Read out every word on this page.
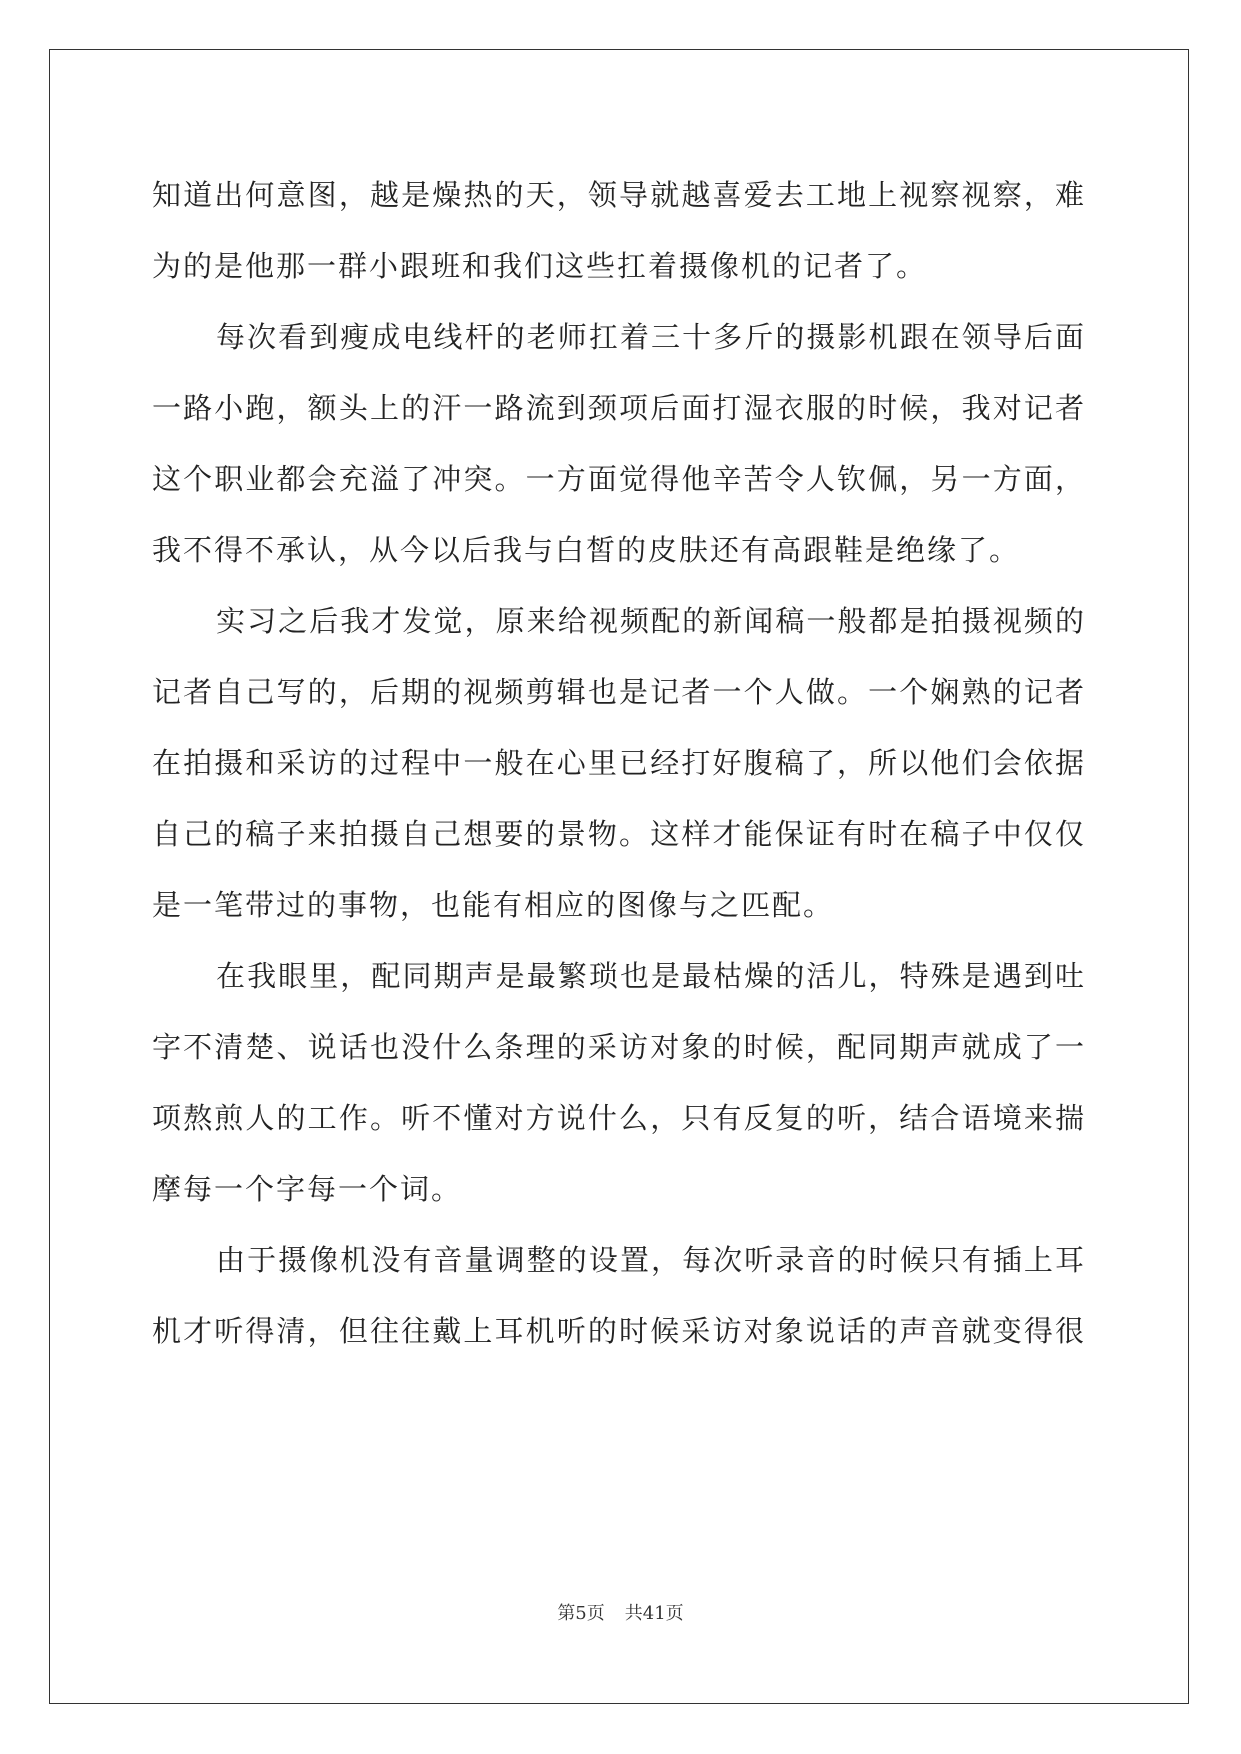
知道出何意图，越是燥热的天，领导就越喜爱去工地上视察视察，难
为的是他那一群小跟班和我们这些扛着摄像机的记者了。
每次看到瘦成电线杆的老师扛着三十多斤的摄影机跟在领导后面
一路小跑，额头上的汗一路流到颈项后面打湿衣服的时候，我对记者
这个职业都会充溢了冲突。一方面觉得他辛苦令人钦佩，另一方面，
我不得不承认，从今以后我与白皙的皮肤还有高跟鞋是绝缘了。
实习之后我才发觉，原来给视频配的新闻稿一般都是拍摄视频的
记者自己写的，后期的视频剪辑也是记者一个人做。一个娴熟的记者
在拍摄和采访的过程中一般在心里已经打好腹稿了，所以他们会依据
自己的稿子来拍摄自己想要的景物。这样才能保证有时在稿子中仅仅
是一笔带过的事物，也能有相应的图像与之匹配。
在我眼里，配同期声是最繁琐也是最枯燥的活儿，特殊是遇到吐
字不清楚、说话也没什么条理的采访对象的时候，配同期声就成了一
项熬煎人的工作。听不懂对方说什么，只有反复的听，结合语境来揣
摩每一个字每一个词。
由于摄像机没有音量调整的设置，每次听录音的时候只有插上耳
机才听得清，但往往戴上耳机听的时候采访对象说话的声音就变得很
第5页 共41页
